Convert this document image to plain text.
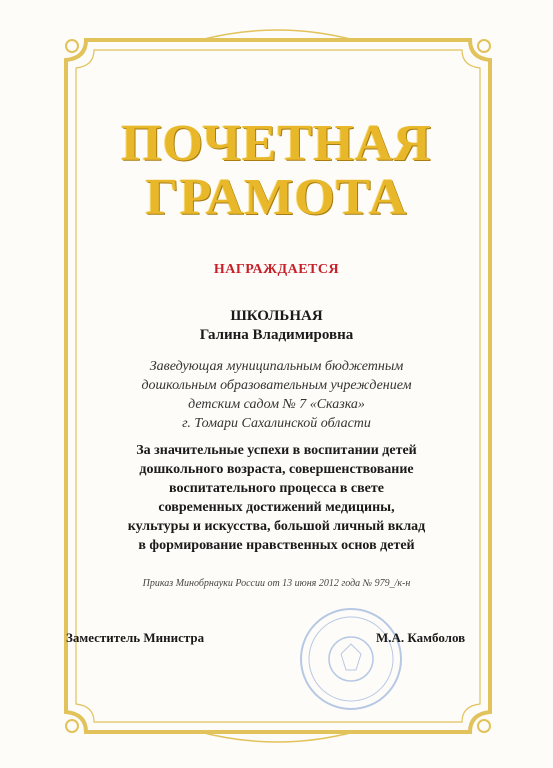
ПОЧЕТНАЯ
ГРАМОТА
НАГРАЖДАЕТСЯ
ШКОЛЬНАЯ
Галина Владимировна
Заведующая муниципальным бюджетным
дошкольным образовательным учреждением
детским садом № 7 «Сказка»
г. Томари Сахалинской области
За значительные успехи в воспитании детей
дошкольного возраста, совершенствование
воспитательного процесса в свете
современных достижений медицины,
культуры и искусства, большой личный вклад
в формирование нравственных основ детей
Приказ Минобрнауки России от 13 июня 2012 года № 979_/к-н
Заместитель Министра	М.А. Камболов
